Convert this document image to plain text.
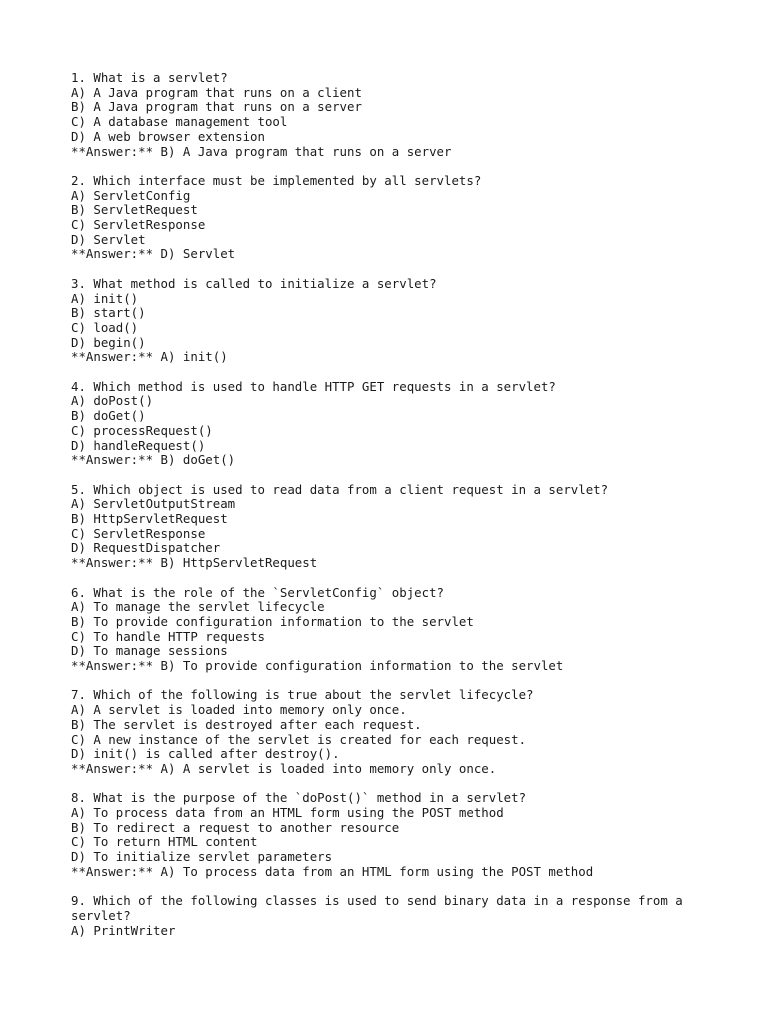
1. What is a servlet?
A) A Java program that runs on a client
B) A Java program that runs on a server
C) A database management tool
D) A web browser extension
**Answer:** B) A Java program that runs on a server
2. Which interface must be implemented by all servlets?
A) ServletConfig
B) ServletRequest
C) ServletResponse
D) Servlet
**Answer:** D) Servlet
3. What method is called to initialize a servlet?
A) init()
B) start()
C) load()
D) begin()
**Answer:** A) init()
4. Which method is used to handle HTTP GET requests in a servlet?
A) doPost()
B) doGet()
C) processRequest()
D) handleRequest()
**Answer:** B) doGet()
5. Which object is used to read data from a client request in a servlet?
A) ServletOutputStream
B) HttpServletRequest
C) ServletResponse
D) RequestDispatcher
**Answer:** B) HttpServletRequest
6. What is the role of the `ServletConfig` object?
A) To manage the servlet lifecycle
B) To provide configuration information to the servlet
C) To handle HTTP requests
D) To manage sessions
**Answer:** B) To provide configuration information to the servlet
7. Which of the following is true about the servlet lifecycle?
A) A servlet is loaded into memory only once.
B) The servlet is destroyed after each request.
C) A new instance of the servlet is created for each request.
D) init() is called after destroy().
**Answer:** A) A servlet is loaded into memory only once.
8. What is the purpose of the `doPost()` method in a servlet?
A) To process data from an HTML form using the POST method
B) To redirect a request to another resource
C) To return HTML content
D) To initialize servlet parameters
**Answer:** A) To process data from an HTML form using the POST method
9. Which of the following classes is used to send binary data in a response from a servlet?
A) PrintWriter
